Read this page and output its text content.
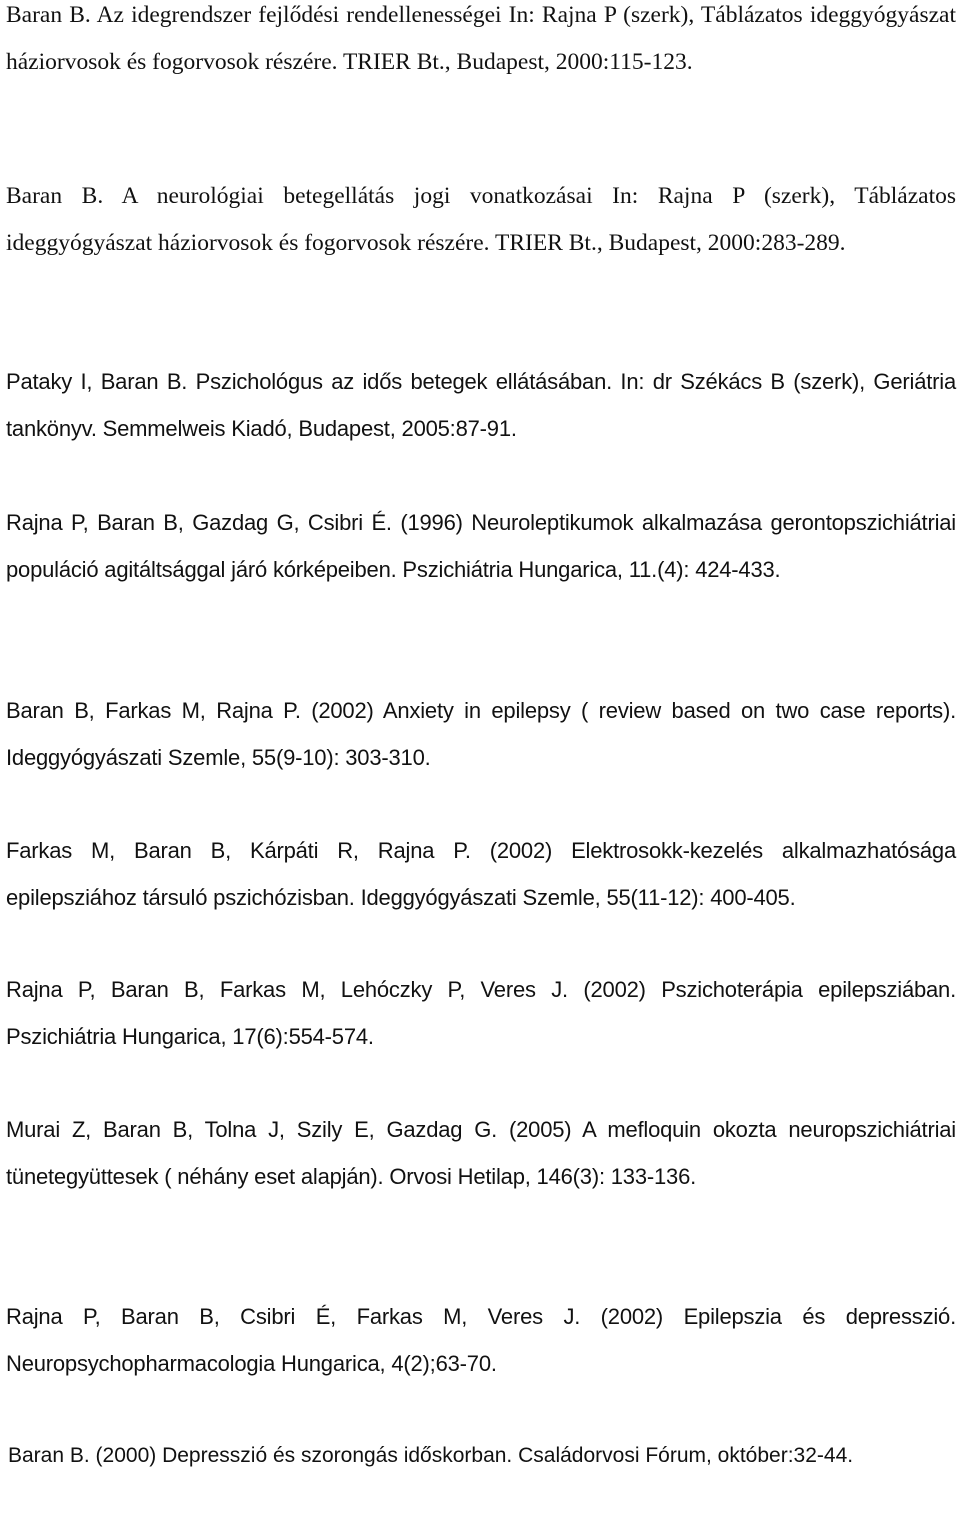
Baran B. Az idegrendszer fejlődési rendellenességei In: Rajna P (szerk), Táblázatos ideggyógyászat háziorvosok és fogorvosok részére. TRIER Bt., Budapest, 2000:115-123.

Baran B. A neurológiai betegellátás jogi vonatkozásai In: Rajna P (szerk), Táblázatos ideggyógyászat háziorvosok és fogorvosok részére. TRIER Bt., Budapest, 2000:283-289.

Pataky I, Baran B. Pszichológus az idős betegek ellátásában. In: dr Székács B (szerk), Geriátria tankönyv. Semmelweis Kiadó, Budapest, 2005:87-91.

Rajna P, Baran B, Gazdag G, Csibri É. (1996) Neuroleptikumok alkalmazása gerontopszichiátriai populáció agitáltsággal járó kórképeiben. Pszichiátria Hungarica, 11.(4): 424-433.

Baran B, Farkas M, Rajna P. (2002) Anxiety in epilepsy ( review based on two case reports). Ideggyógyászati Szemle, 55(9-10): 303-310.

Farkas M, Baran B, Kárpáti R, Rajna P. (2002) Elektrosokk-kezelés alkalmazhatósága epilepsziához társuló pszichózisban. Ideggyógyászati Szemle, 55(11-12): 400-405.

Rajna P, Baran B, Farkas M, Lehóczky P, Veres J. (2002) Pszichoterápia epilepsziában. Pszichiátria Hungarica, 17(6):554-574.

Murai Z, Baran B, Tolna J, Szily E, Gazdag G. (2005) A mefloquin okozta neuropszichiátriai tünetegyüttesek ( néhány eset alapján). Orvosi Hetilap, 146(3): 133-136.

Rajna P, Baran B, Csibri É, Farkas M, Veres J. (2002) Epilepszia és depresszió. Neuropsychopharmacologia Hungarica, 4(2);63-70.

Baran B. (2000) Depresszió és szorongás időskorban. Családorvosi Fórum, október:32-44.
